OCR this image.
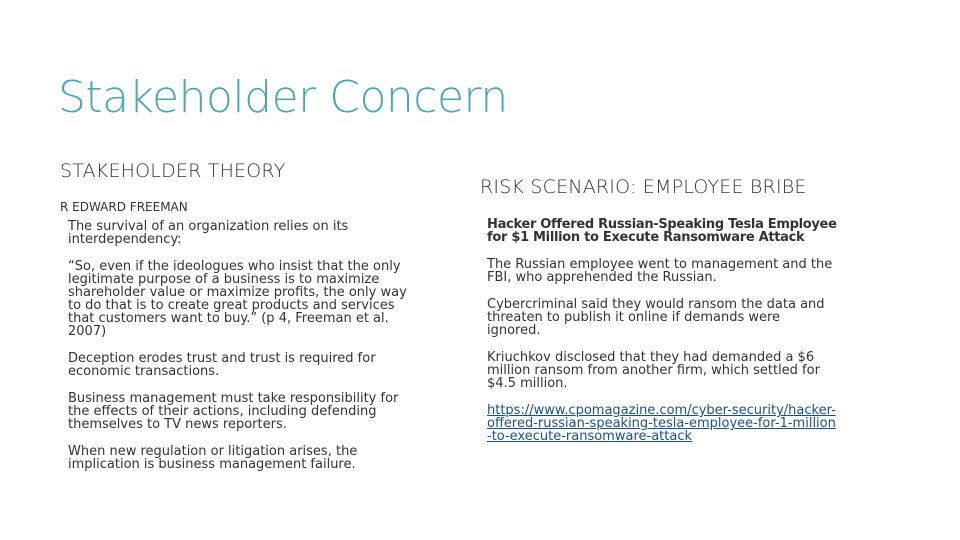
Stakeholder Concern
STAKEHOLDER THEORY
R EDWARD FREEMAN
The survival of an organization relies on its interdependency:
“So, even if the ideologues who insist that the only legitimate purpose of a business is to maximize shareholder value or maximize profits, the only way to do that is to create great products and services that customers want to buy.” (p 4, Freeman et al. 2007)
Deception erodes trust and trust is required for economic transactions.
Business management must take responsibility for the effects of their actions, including defending themselves to TV news reporters.
When new regulation or litigation arises, the implication is business management failure.
RISK SCENARIO: EMPLOYEE BRIBE
Hacker Offered Russian-Speaking Tesla Employee for $1 Million to Execute Ransomware Attack
The Russian employee went to management and the FBI, who apprehended the Russian.
Cybercriminal said they would ransom the data and threaten to publish it online if demands were ignored.
Kriuchkov disclosed that they had demanded a $6 million ransom from another firm, which settled for $4.5 million.
https://www.cpomagazine.com/cyber-security/hacker-offered-russian-speaking-tesla-employee-for-1-million-to-execute-ransomware-attack
